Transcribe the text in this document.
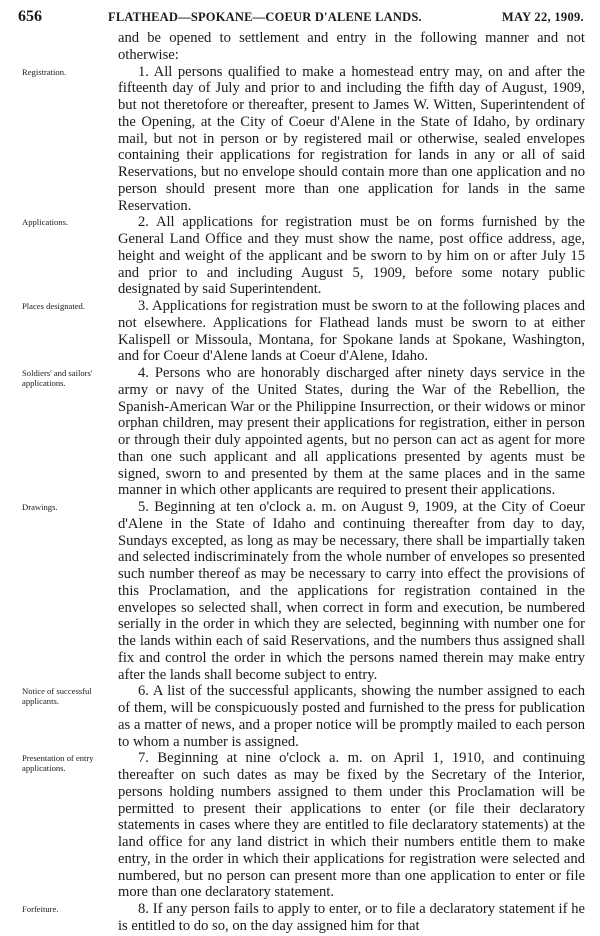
656	FLATHEAD—SPOKANE—COEUR D'ALENE LANDS.	MAY 22, 1909.

and be opened to settlement and entry in the following manner and not otherwise:

1. All persons qualified to make a homestead entry may, on and after the fifteenth day of July and prior to and including the fifth day of August, 1909, but not theretofore or thereafter, present to James W. Witten, Superintendent of the Opening, at the City of Coeur d'Alene in the State of Idaho, by ordinary mail, but not in person or by registered mail or otherwise, sealed envelopes containing their applications for registration for lands in any or all of said Reservations, but no envelope should contain more than one application and no person should present more than one application for lands in the same Reservation.

2. All applications for registration must be on forms furnished by the General Land Office and they must show the name, post office address, age, height and weight of the applicant and be sworn to by him on or after July 15 and prior to and including August 5, 1909, before some notary public designated by said Superintendent.

3. Applications for registration must be sworn to at the following places and not elsewhere. Applications for Flathead lands must be sworn to at either Kalispell or Missoula, Montana, for Spokane lands at Spokane, Washington, and for Coeur d'Alene lands at Coeur d'Alene, Idaho.

4. Persons who are honorably discharged after ninety days service in the army or navy of the United States, during the War of the Rebellion, the Spanish-American War or the Philippine Insurrection, or their widows or minor orphan children, may present their applications for registration, either in person or through their duly appointed agents, but no person can act as agent for more than one such applicant and all applications presented by agents must be signed, sworn to and presented by them at the same places and in the same manner in which other applicants are required to present their applications.

5. Beginning at ten o'clock a. m. on August 9, 1909, at the City of Coeur d'Alene in the State of Idaho and continuing thereafter from day to day, Sundays excepted, as long as may be necessary, there shall be impartially taken and selected indiscriminately from the whole number of envelopes so presented such number thereof as may be necessary to carry into effect the provisions of this Proclamation, and the applications for registration contained in the envelopes so selected shall, when correct in form and execution, be numbered serially in the order in which they are selected, beginning with number one for the lands within each of said Reservations, and the numbers thus assigned shall fix and control the order in which the persons named therein may make entry after the lands shall become subject to entry.

6. A list of the successful applicants, showing the number assigned to each of them, will be conspicuously posted and furnished to the press for publication as a matter of news, and a proper notice will be promptly mailed to each person to whom a number is assigned.

7. Beginning at nine o'clock a. m. on April 1, 1910, and continuing thereafter on such dates as may be fixed by the Secretary of the Interior, persons holding numbers assigned to them under this Proclamation will be permitted to present their applications to enter (or file their declaratory statements in cases where they are entitled to file declaratory statements) at the land office for any land district in which their numbers entitle them to make entry, in the order in which their applications for registration were selected and numbered, but no person can present more than one application to enter or file more than one declaratory statement.

8. If any person fails to apply to enter, or to file a declaratory statement if he is entitled to do so, on the day assigned him for that

Registration.
Applications.
Places designated.
Soldiers' and sailors' applications.
Drawings.
Notice of successful applicants.
Presentation of entry applications.
Forfeiture.
